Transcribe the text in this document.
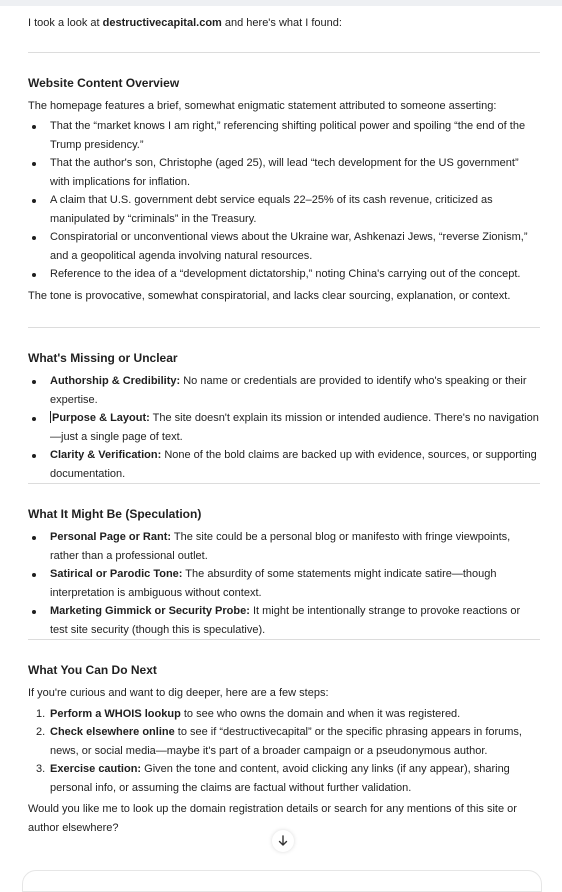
I took a look at destructivecapital.com and here's what I found:

Website Content Overview

The homepage features a brief, somewhat enigmatic statement attributed to someone asserting:

That the “market knows I am right,” referencing shifting political power and spoiling “the end of the Trump presidency.”
That the author's son, Christophe (aged 25), will lead “tech development for the US government” with implications for inflation.
A claim that U.S. government debt service equals 22–25% of its cash revenue, criticized as manipulated by “criminals” in the Treasury.
Conspiratorial or unconventional views about the Ukraine war, Ashkenazi Jews, “reverse Zionism,” and a geopolitical agenda involving natural resources.
Reference to the idea of a “development dictatorship,” noting China's carrying out of the concept.

The tone is provocative, somewhat conspiratorial, and lacks clear sourcing, explanation, or context.

What's Missing or Unclear
Authorship & Credibility: No name or credentials are provided to identify who's speaking or their expertise.
Purpose & Layout: The site doesn't explain its mission or intended audience. There's no navigation—just a single page of text.
Clarity & Verification: None of the bold claims are backed up with evidence, sources, or supporting documentation.
What It Might Be (Speculation)
Personal Page or Rant: The site could be a personal blog or manifesto with fringe viewpoints, rather than a professional outlet.
Satirical or Parodic Tone: The absurdity of some statements might indicate satire—though interpretation is ambiguous without context.
Marketing Gimmick or Security Probe: It might be intentionally strange to provoke reactions or test site security (though this is speculative).
What You Can Do Next

If you're curious and want to dig deeper, here are a few steps:

1. Perform a WHOIS lookup to see who owns the domain and when it was registered.
2. Check elsewhere online to see if “destructivecapital” or the specific phrasing appears in forums, news, or social media—maybe it's part of a broader campaign or a pseudonymous author.
3. Exercise caution: Given the tone and content, avoid clicking any links (if any appear), sharing personal info, or assuming the claims are factual without further validation.

Would you like me to look up the domain registration details or search for any mentions of this site or author elsewhere?
